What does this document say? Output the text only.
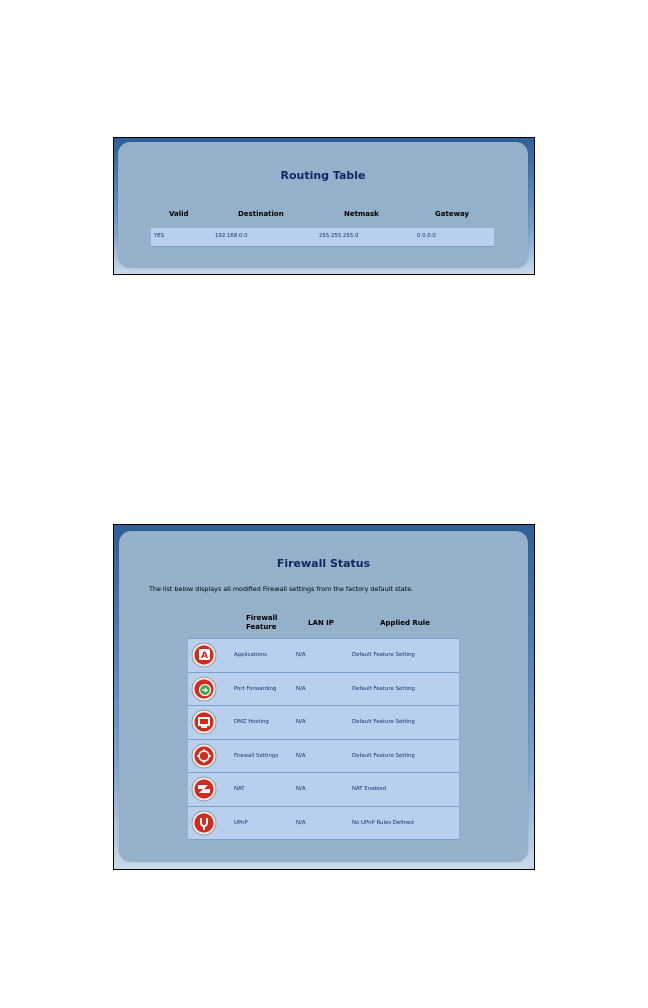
Routing Table
Valid	Destination	Netmask	Gateway
YES	192.168.0.0	255.255.255.0	0.0.0.0
Firewall Status
The list below displays all modified Firewall settings from the factory default state.
Firewall
Feature	LAN IP	Applied Rule
A	Applications	N/A	Default Feature Setting
Port Forwarding	N/A	Default Feature Setting
DMZ Hosting	N/A	Default Feature Setting
Firewall Settings	N/A	Default Feature Setting
NAT	N/A	NAT Enabled
UPnP	N/A	No UPnP Rules Defined
